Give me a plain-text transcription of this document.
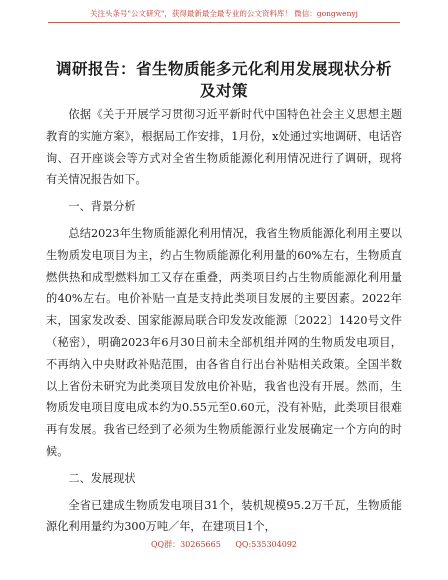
关注头条号"公文研究"，获得最新最全最专业的公文资料库！ 微信：gongwenyj
调研报告：省生物质能多元化利用发展现状分析及对策

依据《关于开展学习贯彻习近平新时代中国特色社会主义思想主题教育的实施方案》，根据局工作安排，1月份，x处通过实地调研、电话咨询、召开座谈会等方式对全省生物质能源化利用情况进行了调研，现将有关情况报告如下。

一、背景分析

总结2023年生物质能源化利用情况，我省生物质能源化利用主要以生物质发电项目为主，约占生物质能源化利用量的60%左右，生物质直燃供热和成型燃料加工又存在重叠，两类项目约占生物质能源化利用量的40%左右。电价补贴一直是支持此类项目发展的主要因素。2022年末，国家发改委、国家能源局联合印发发改能源〔2022〕1420号文件（秘密），明确2023年6月30日前未全部机组并网的生物质发电项目，不再纳入中央财政补贴范围，由各省自行出台补贴相关政策。全国半数以上省份未研究为此类项目发放电价补贴，我省也没有开展。然而，生物质发电项目度电成本约为0.55元至0.60元，没有补贴，此类项目很难再有发展。我省已经到了必须为生物质能源行业发展确定一个方向的时候。

二、发展现状

全省已建成生物质发电项目31个，装机规模95.2万千瓦，生物质能源化利用量约为300万吨／年，在建项目1个，

QQ群：30265665 QQ:535304092
